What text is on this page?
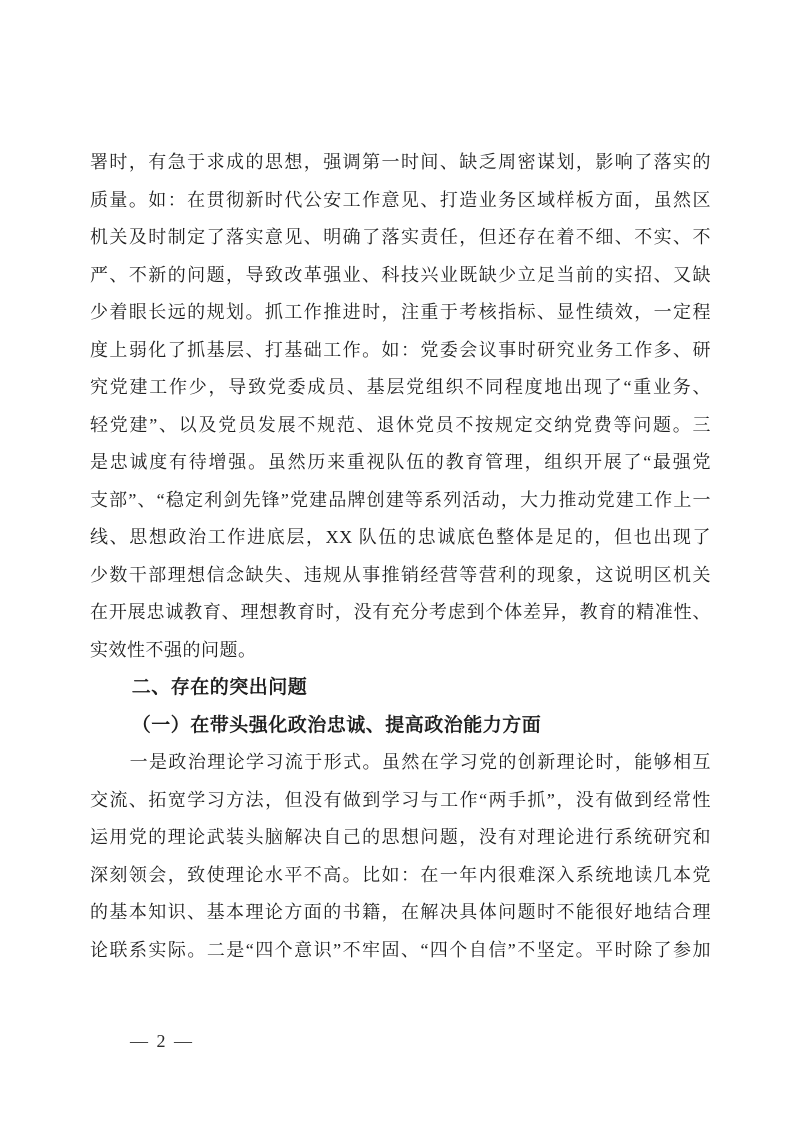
署时，有急于求成的思想，强调第一时间、缺乏周密谋划，影响了落实的
质量。如：在贯彻新时代公安工作意见、打造业务区域样板方面，虽然区
机关及时制定了落实意见、明确了落实责任，但还存在着不细、不实、不
严、不新的问题，导致改革强业、科技兴业既缺少立足当前的实招、又缺
少着眼长远的规划。抓工作推进时，注重于考核指标、显性绩效，一定程
度上弱化了抓基层、打基础工作。如：党委会议事时研究业务工作多、研
究党建工作少，导致党委成员、基层党组织不同程度地出现了“重业务、
轻党建”、以及党员发展不规范、退休党员不按规定交纳党费等问题。三
是忠诚度有待增强。虽然历来重视队伍的教育管理，组织开展了“最强党
支部”、“稳定利剑先锋”党建品牌创建等系列活动，大力推动党建工作上一
线、思想政治工作进底层，XX 队伍的忠诚底色整体是足的，但也出现了
少数干部理想信念缺失、违规从事推销经营等营利的现象，这说明区机关
在开展忠诚教育、理想教育时，没有充分考虑到个体差异，教育的精准性、
实效性不强的问题。
二、存在的突出问题
（一）在带头强化政治忠诚、提高政治能力方面
一是政治理论学习流于形式。虽然在学习党的创新理论时，能够相互
交流、拓宽学习方法，但没有做到学习与工作“两手抓”，没有做到经常性
运用党的理论武装头脑解决自己的思想问题，没有对理论进行系统研究和
深刻领会，致使理论水平不高。比如：在一年内很难深入系统地读几本党
的基本知识、基本理论方面的书籍，在解决具体问题时不能很好地结合理
论联系实际。二是“四个意识”不牢固、“四个自信”不坚定。平时除了参加
— 2 —
